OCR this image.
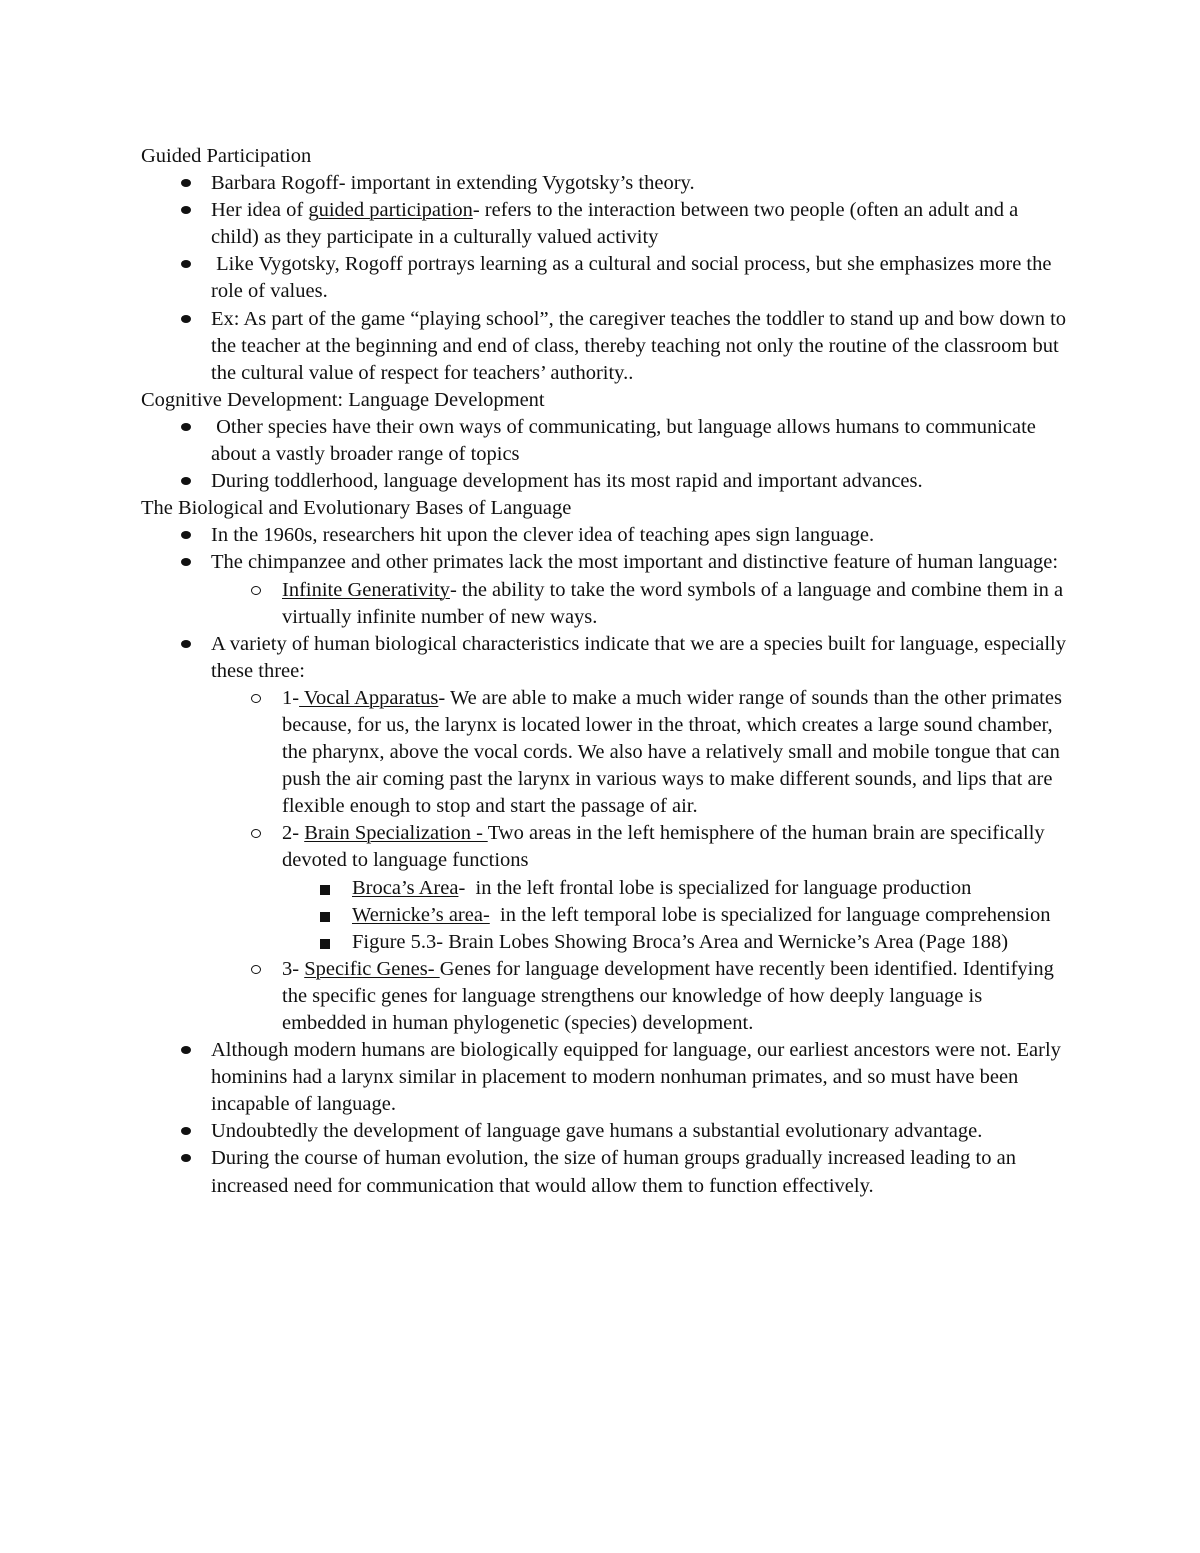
Guided Participation
Barbara Rogoff- important in extending Vygotsky’s theory.
Her idea of guided participation- refers to the interaction between two people (often an adult and a child) as they participate in a culturally valued activity
Like Vygotsky, Rogoff portrays learning as a cultural and social process, but she emphasizes more the role of values.
Ex: As part of the game “playing school”, the caregiver teaches the toddler to stand up and bow down to the teacher at the beginning and end of class, thereby teaching not only the routine of the classroom but the cultural value of respect for teachers’ authority..
Cognitive Development: Language Development
Other species have their own ways of communicating, but language allows humans to communicate about a vastly broader range of topics
During toddlerhood, language development has its most rapid and important advances.
The Biological and Evolutionary Bases of Language
In the 1960s, researchers hit upon the clever idea of teaching apes sign language.
The chimpanzee and other primates lack the most important and distinctive feature of human language:
Infinite Generativity- the ability to take the word symbols of a language and combine them in a virtually infinite number of new ways.
A variety of human biological characteristics indicate that we are a species built for language, especially these three:
1- Vocal Apparatus- We are able to make a much wider range of sounds than the other primates because, for us, the larynx is located lower in the throat, which creates a large sound chamber, the pharynx, above the vocal cords. We also have a relatively small and mobile tongue that can push the air coming past the larynx in various ways to make different sounds, and lips that are flexible enough to stop and start the passage of air.
2- Brain Specialization - Two areas in the left hemisphere of the human brain are specifically devoted to language functions
Broca’s Area-  in the left frontal lobe is specialized for language production
Wernicke’s area-  in the left temporal lobe is specialized for language comprehension
Figure 5.3- Brain Lobes Showing Broca’s Area and Wernicke’s Area (Page 188)
3- Specific Genes- Genes for language development have recently been identified. Identifying the specific genes for language strengthens our knowledge of how deeply language is embedded in human phylogenetic (species) development.
Although modern humans are biologically equipped for language, our earliest ancestors were not. Early hominins had a larynx similar in placement to modern nonhuman primates, and so must have been incapable of language.
Undoubtedly the development of language gave humans a substantial evolutionary advantage.
During the course of human evolution, the size of human groups gradually increased leading to an increased need for communication that would allow them to function effectively.
